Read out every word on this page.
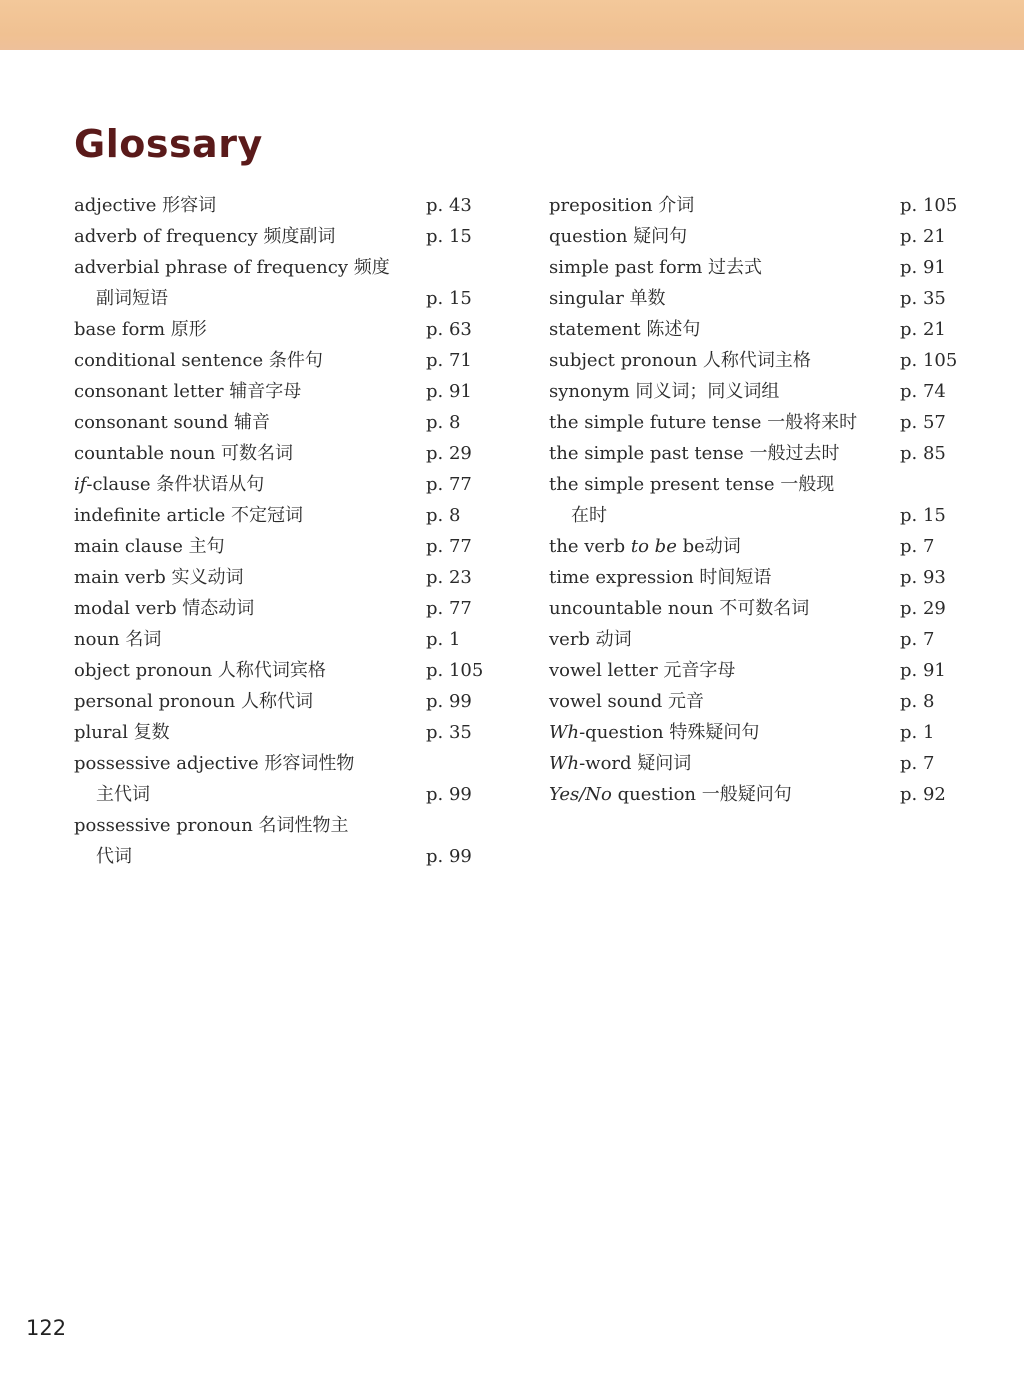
Glossary
adjective 形容词	p. 43
adverb of frequency 频度副词	p. 15
adverbial phrase of frequency 频度
副词短语	p. 15
base form 原形	p. 63
conditional sentence 条件句	p. 71
consonant letter 辅音字母	p. 91
consonant sound 辅音	p. 8
countable noun 可数名词	p. 29
if-clause 条件状语从句	p. 77
indefinite article 不定冠词	p. 8
main clause 主句	p. 77
main verb 实义动词	p. 23
modal verb 情态动词	p. 77
noun 名词	p. 1
object pronoun 人称代词宾格	p. 105
personal pronoun 人称代词	p. 99
plural 复数	p. 35
possessive adjective 形容词性物
主代词	p. 99
possessive pronoun 名词性物主
代词	p. 99
preposition 介词	p. 105
question 疑问句	p. 21
simple past form 过去式	p. 91
singular 单数	p. 35
statement 陈述句	p. 21
subject pronoun 人称代词主格	p. 105
synonym 同义词；同义词组	p. 74
the simple future tense 一般将来时	p. 57
the simple past tense 一般过去时	p. 85
the simple present tense 一般现
在时	p. 15
the verb to be be动词	p. 7
time expression 时间短语	p. 93
uncountable noun 不可数名词	p. 29
verb 动词	p. 7
vowel letter 元音字母	p. 91
vowel sound 元音	p. 8
Wh-question 特殊疑问句	p. 1
Wh-word 疑问词	p. 7
Yes/No question 一般疑问句	p. 92
122
